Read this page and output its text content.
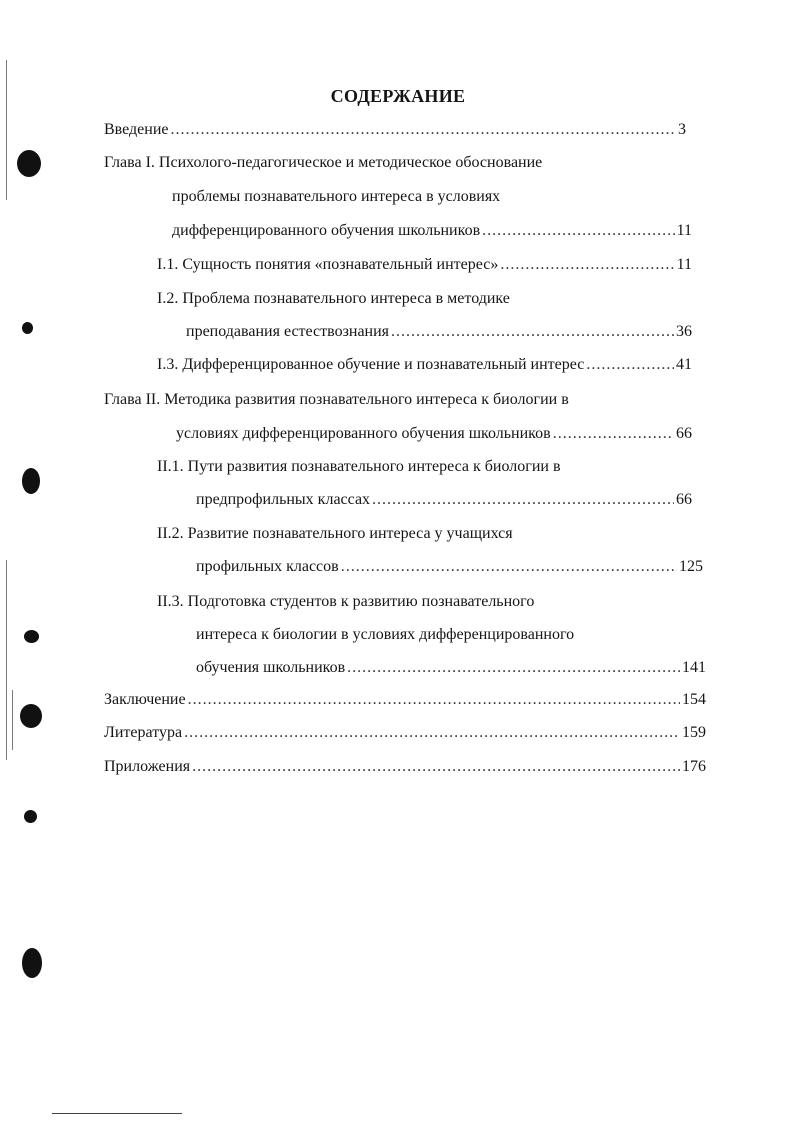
СОДЕРЖАНИЕ
Введение .....	3
Глава I. Психолого-педагогическое и методическое обоснование
проблемы познавательного интереса в условиях
дифференцированного обучения школьников .....	11
I.1. Сущность понятия «познавательный интерес» .....	11
I.2. Проблема познавательного интереса в методике
преподавания естествознания .....	36
I.3. Дифференцированное обучение и познавательный интерес .....	41
Глава II. Методика развития познавательного интереса к биологии в
условиях дифференцированного обучения школьников .....	66
II.1. Пути развития познавательного интереса к биологии в
предпрофильных классах .....	66
II.2. Развитие познавательного интереса у учащихся
профильных классов .....	125
II.3. Подготовка студентов к развитию познавательного
интереса к биологии в условиях дифференцированного
обучения школьников .....	141
Заключение .....	154
Литература .....	159
Приложения .....	176
